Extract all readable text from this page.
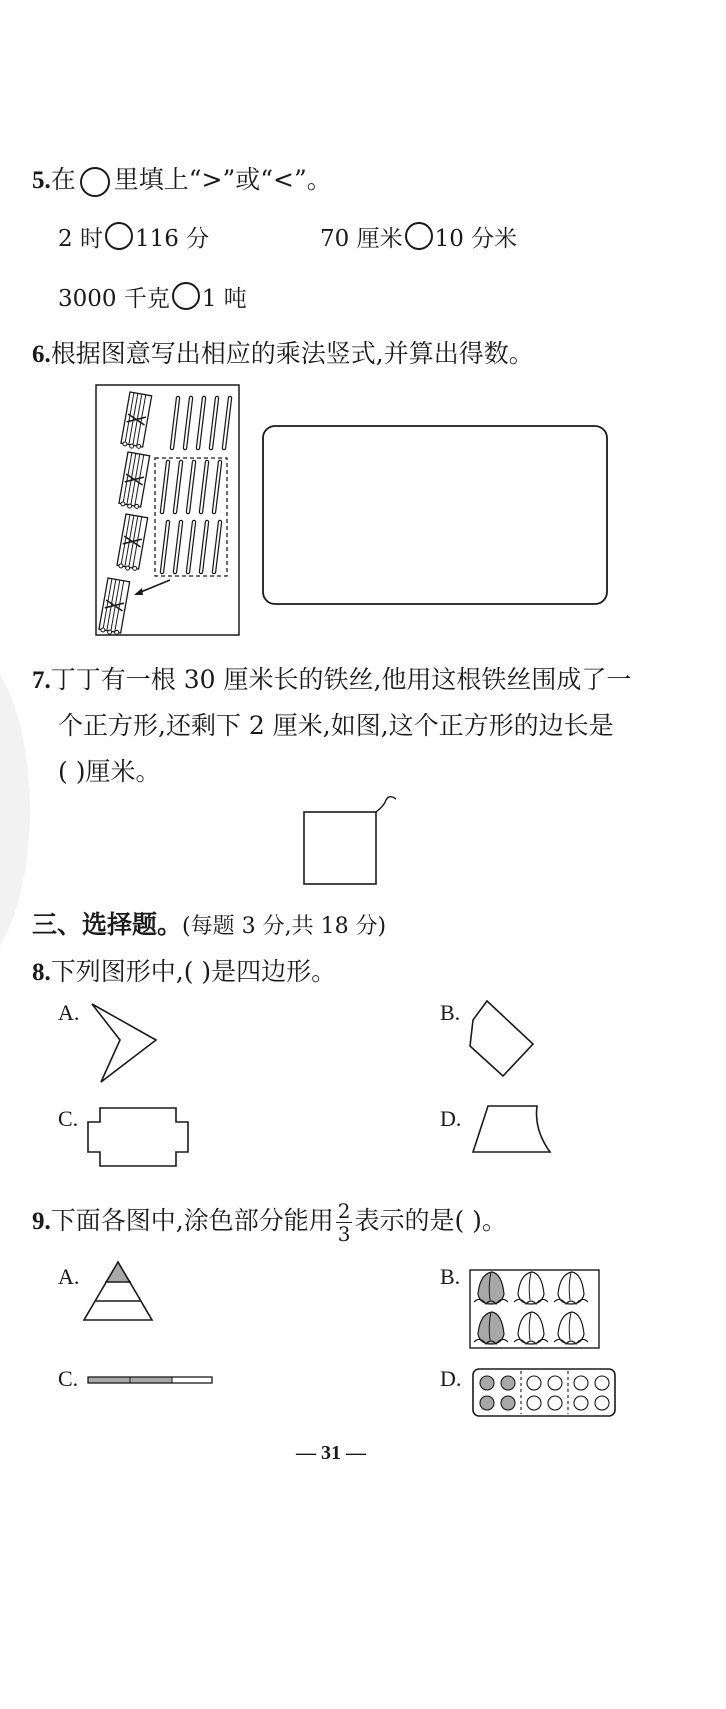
5.在 里填上“>”或“<”。
2 时 116 分	70 厘米 10 分米
3000 千克 1 吨
6.根据图意写出相应的乘法竖式,并算出得数。
7.丁丁有一根 30 厘米长的铁丝,他用这根铁丝围成了一
个正方形,还剩下 2 厘米,如图,这个正方形的边长是
( )厘米。
三、选择题。(每题 3 分,共 18 分)
8.下列图形中,( )是四边形。
A.	B.
C.	D.
9.下面各图中,涂色部分能用 $\frac{2}{3}$ 表示的是( )。
A.	B.
C.	D.
— 31 —
